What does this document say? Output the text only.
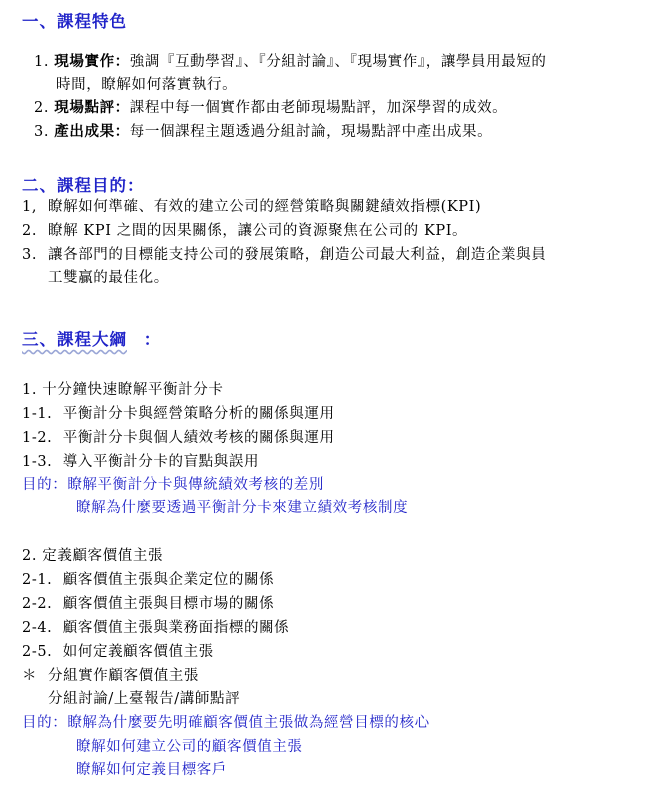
一、課程特色
1. 現場實作：強調『互動學習』、『分組討論』、『現場實作』，讓學員用最短的
時間，瞭解如何落實執行。
2. 現場點評：課程中每一個實作都由老師現場點評，加深學習的成效。
3. 產出成果：每一個課程主題透過分組討論，現場點評中產出成果。
二、課程目的：
1, 瞭解如何準確、有效的建立公司的經營策略與關鍵績效指標(KPI)
2. 瞭解 KPI 之間的因果關係，讓公司的資源聚焦在公司的 KPI。
3. 讓各部門的目標能支持公司的發展策略，創造公司最大利益，創造企業與員
工雙贏的最佳化。
三、課程大綱 ：
1. 十分鐘快速瞭解平衡計分卡
1-1.  平衡計分卡與經營策略分析的關係與運用
1-2.  平衡計分卡與個人績效考核的關係與運用
1-3.  導入平衡計分卡的盲點與誤用
目的：瞭解平衡計分卡與傳統績效考核的差別
瞭解為什麼要透過平衡計分卡來建立績效考核制度
2. 定義顧客價值主張
2-1.  顧客價值主張與企業定位的關係
2-2.  顧客價值主張與目標市場的關係
2-4.  顧客價值主張與業務面指標的關係
2-5.  如何定義顧客價值主張
＊ 分組實作顧客價值主張
分組討論/上臺報告/講師點評
目的：瞭解為什麼要先明確顧客價值主張做為經營目標的核心
瞭解如何建立公司的顧客價值主張
瞭解如何定義目標客戶
